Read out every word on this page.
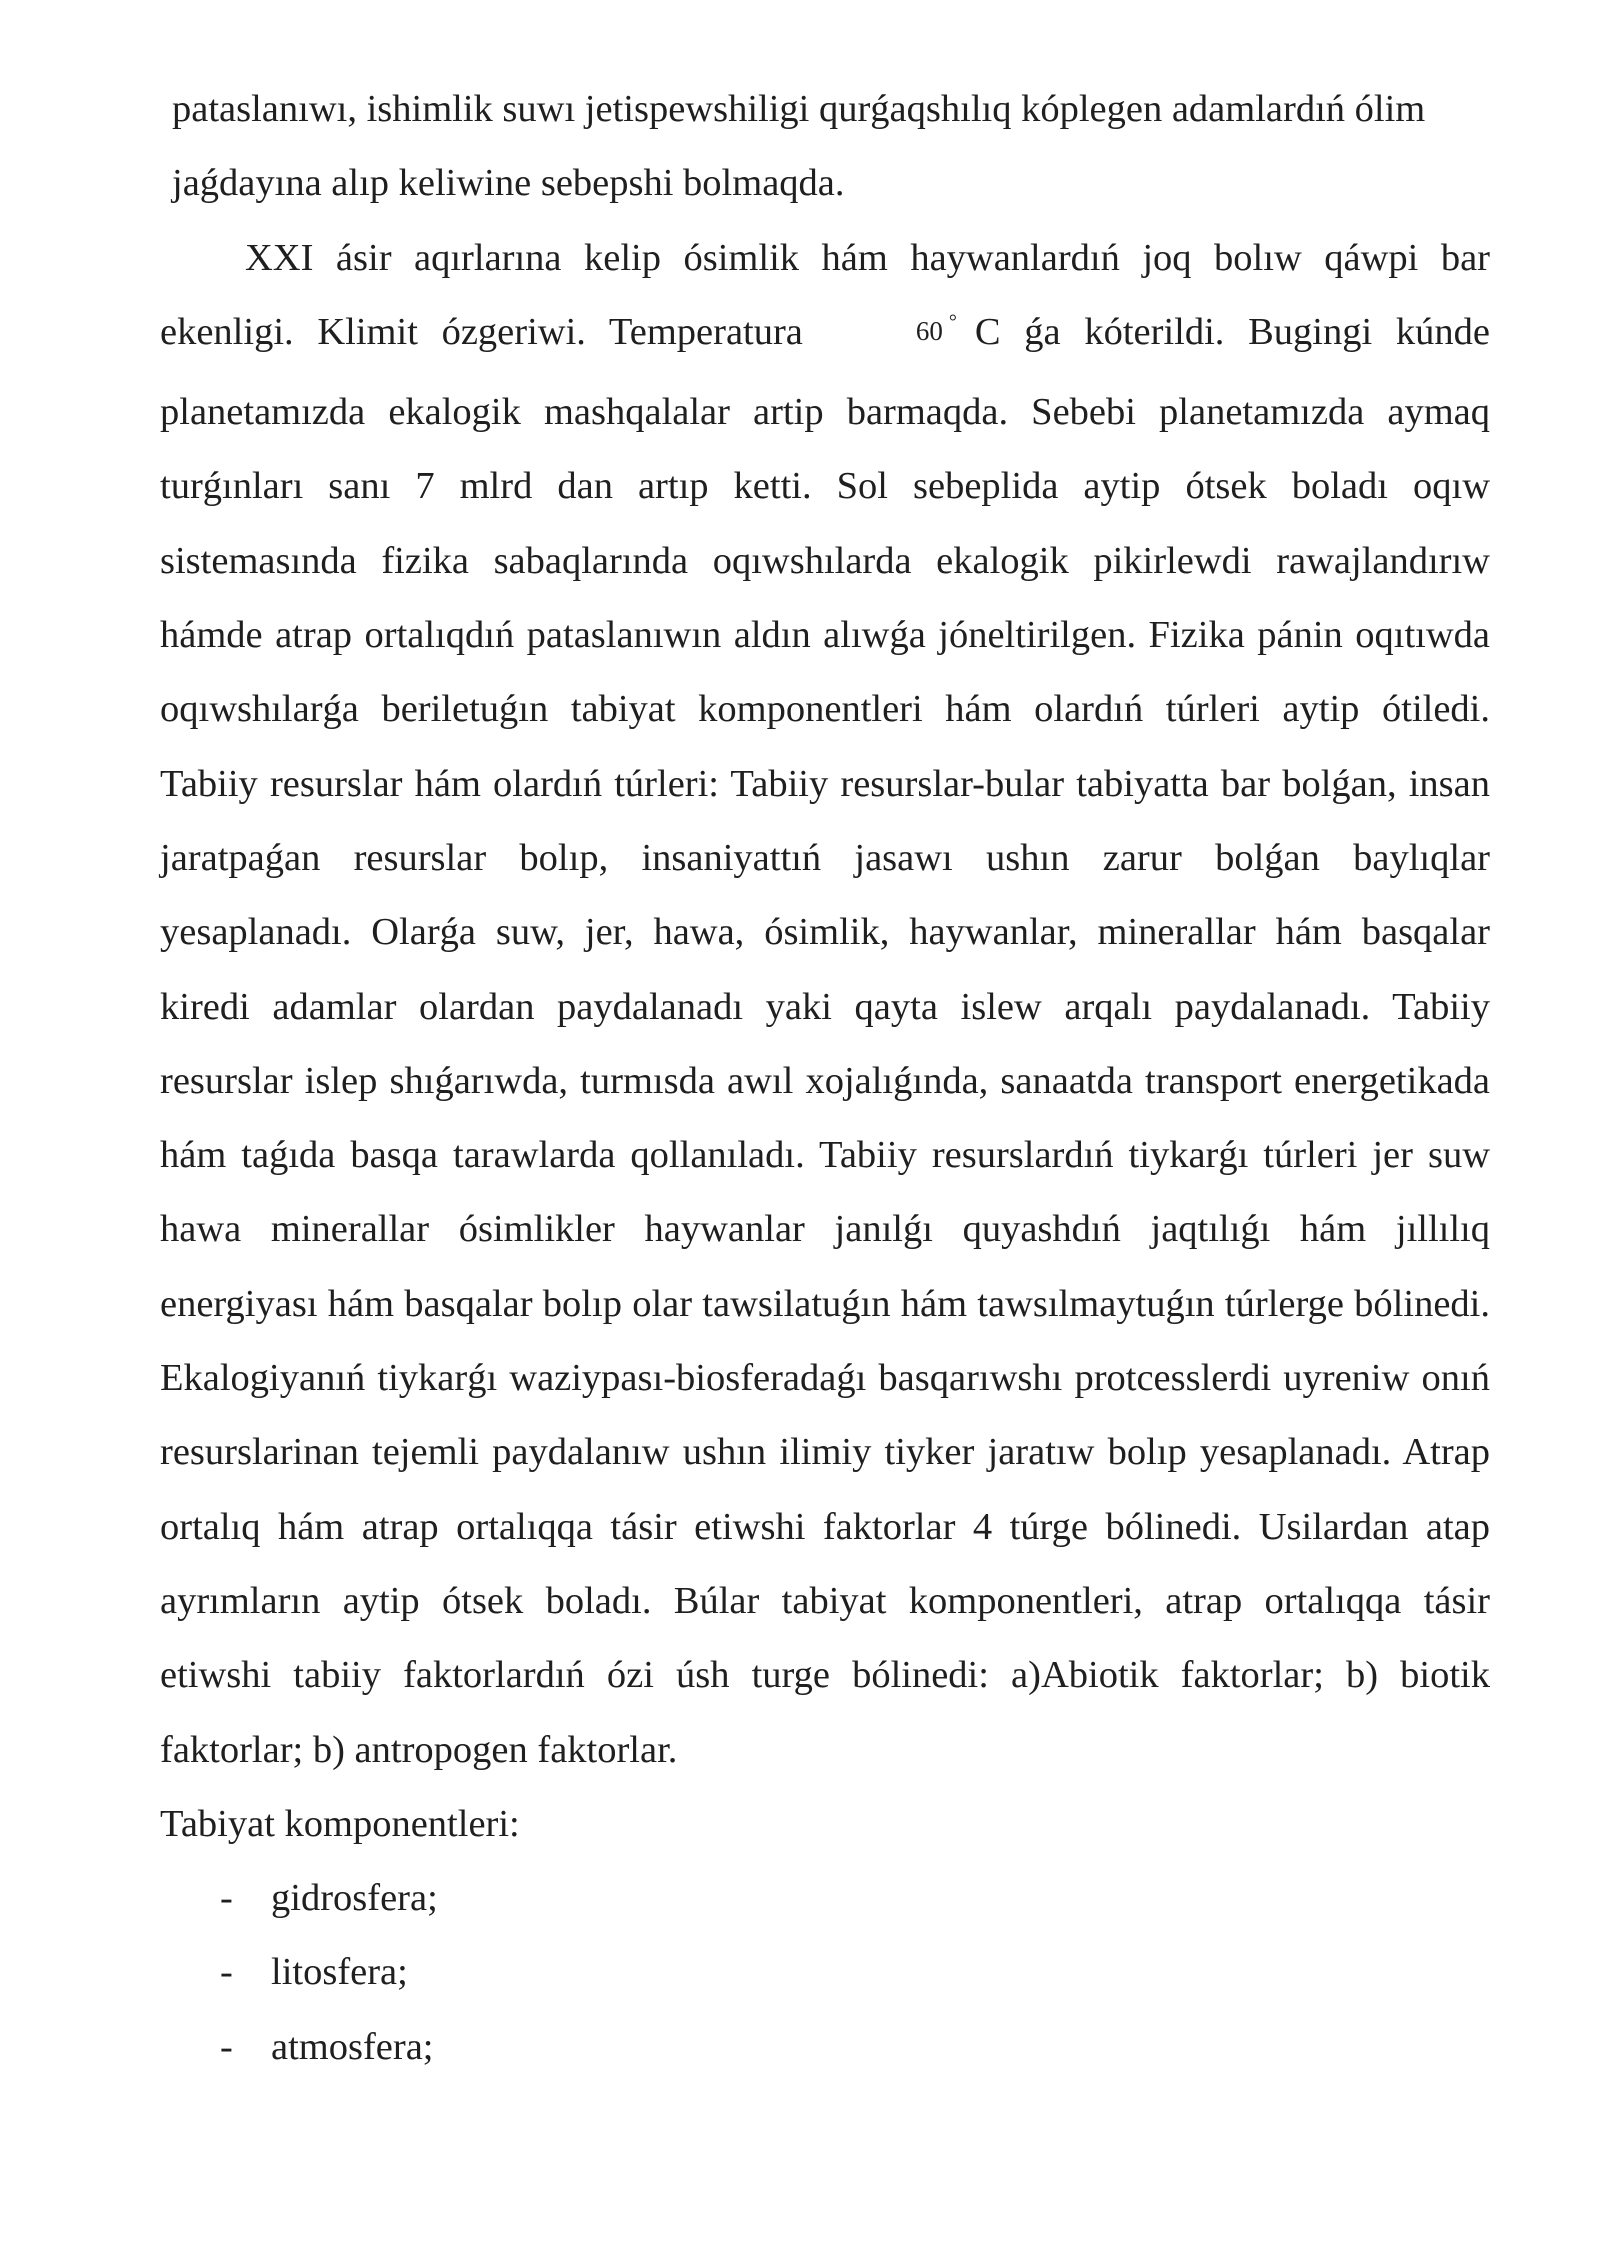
pataslanıwı, ishimlik suwı jetispewshiligi qurǵaqshılıq kóplegen adamlardıń ólim jaǵdayına alıp keliwine sebepshi bolmaqda.

XXI ásir aqırlarına kelip ósimlik hám haywanlardıń joq bolıw qáwpi bar ekenligi. Klimit ózgeriwi. Temperatura	60 ° C ǵa kóterildi. Bugingi kúnde planetamızda ekalogik mashqalalar artip barmaqda. Sebebi planetamızda aymaq turǵınları sanı 7 mlrd dan artıp ketti. Sol sebeplida aytip ótsek boladı oqıw sistemasında fizika sabaqlarında oqıwshılarda ekalogik pikirlewdi rawajlandırıw hámde atrap ortalıqdıń pataslanıwın aldın alıwǵa jóneltirilgen. Fizika pánin oqıtıwda oqıwshılarǵa beriletuǵın tabiyat komponentleri hám olardıń túrleri aytip ótiledi. Tabiiy resurslar hám olardıń túrleri: Tabiiy resurslar-bular tabiyatta bar bolǵan, insan jaratpaǵan resurslar bolıp, insaniyattıń jasawı ushın zarur bolǵan baylıqlar yesaplanadı. Olarǵa suw, jer, hawa, ósimlik, haywanlar, minerallar hám basqalar kiredi adamlar olardan paydalanadı yaki qayta islew arqalı paydalanadı. Tabiiy resurslar islep shıǵarıwda, turmısda awıl xojalıǵında, sanaatda transport energetikada hám taǵıda basqa tarawlarda qollanıladı. Tabiiy resurslardıń tiykarǵı túrleri jer suw hawa minerallar ósimlikler haywanlar janılǵı quyashdıń jaqtılıǵı hám jıllılıq energiyası hám basqalar bolıp olar tawsilatuǵın hám tawsılmaytuǵın túrlerge bólinedi. Ekalogiyanıń tiykarǵı waziypası-biosferadaǵı basqarıwshı protcesslerdi uyreniw onıń resurslarinan tejemli paydalanıw ushın ilimiy tiyker jaratıw bolıp yesaplanadı. Atrap ortalıq hám atrap ortalıqqa tásir etiwshi faktorlar 4 túrge bólinedi. Usilardan atap ayrımların aytip ótsek boladı. Búlar tabiyat komponentleri, atrap ortalıqqa tásir etiwshi tabiiy faktorlardıń ózi úsh turge bólinedi: a)Abiotik faktorlar; b) biotik faktorlar; b) antropogen faktorlar.

Tabiyat komponentleri:

- gidrosfera;
- litosfera;
- atmosfera;
